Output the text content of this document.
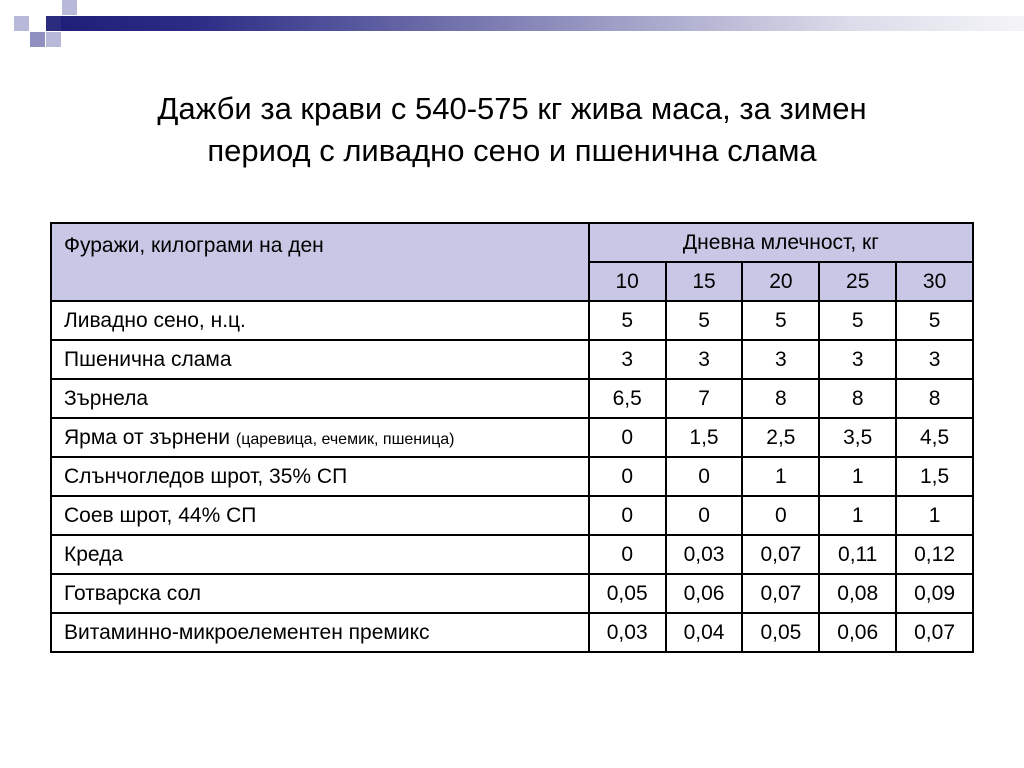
Дажби за крави с 540-575 кг жива маса, за зимен
период с ливадно сено и пшенична слама
Фуражи, килограми на ден	Дневна млечност, кг				
	10	15	20	25	30
Ливадно сено, н.ц.	5	5	5	5	5
Пшенична слама	3	3	3	3	3
Зърнела	6,5	7	8	8	8
Ярма от зърнени (царевица, ечемик, пшеница)	0	1,5	2,5	3,5	4,5
Слънчогледов шрот, 35% СП	0	0	1	1	1,5
Соев шрот, 44% СП	0	0	0	1	1
Креда	0	0,03	0,07	0,11	0,12
Готварска сол	0,05	0,06	0,07	0,08	0,09
Витаминно-микроелементен премикс	0,03	0,04	0,05	0,06	0,07
